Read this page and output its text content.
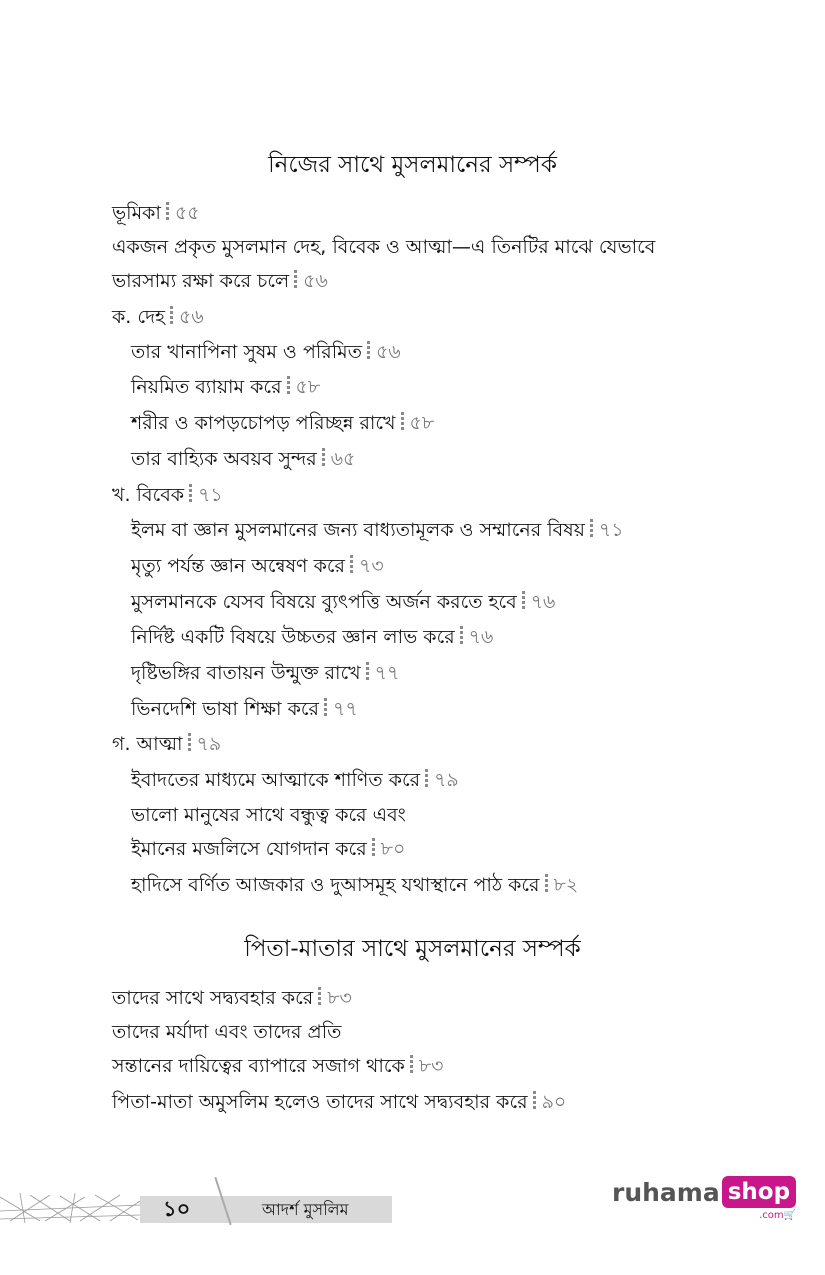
নিজের সাথে মুসলমানের সম্পর্ক
ভূমিকা ৫৫
একজন প্রকৃত মুসলমান দেহ, বিবেক ও আত্মা—এ তিনটির মাঝে যেভাবে
ভারসাম্য রক্ষা করে চলে ৫৬
ক. দেহ ৫৬
তার খানাপিনা সুষম ও পরিমিত ৫৬
নিয়মিত ব্যায়াম করে ৫৮
শরীর ও কাপড়চোপড় পরিচ্ছন্ন রাখে ৫৮
তার বাহ্যিক অবয়ব সুন্দর ৬৫
খ. বিবেক ৭১
ইলম বা জ্ঞান মুসলমানের জন্য বাধ্যতামূলক ও সম্মানের বিষয় ৭১
মৃত্যু পর্যন্ত জ্ঞান অন্বেষণ করে ৭৩
মুসলমানকে যেসব বিষয়ে ব্যুৎপত্তি অর্জন করতে হবে ৭৬
নির্দিষ্ট একটি বিষয়ে উচ্চতর জ্ঞান লাভ করে ৭৬
দৃষ্টিভঙ্গির বাতায়ন উন্মুক্ত রাখে ৭৭
ভিনদেশি ভাষা শিক্ষা করে ৭৭
গ. আত্মা ৭৯
ইবাদতের মাধ্যমে আত্মাকে শাণিত করে ৭৯
ভালো মানুষের সাথে বন্ধুত্ব করে এবং
ইমানের মজলিসে যোগদান করে ৮০
হাদিসে বর্ণিত আজকার ও দুআসমূহ যথাস্থানে পাঠ করে ৮২
পিতা-মাতার সাথে মুসলমানের সম্পর্ক
তাদের সাথে সদ্ব্যবহার করে ৮৩
তাদের মর্যাদা এবং তাদের প্রতি
সন্তানের দায়িত্বের ব্যাপারে সজাগ থাকে ৮৩
পিতা-মাতা অমুসলিম হলেও তাদের সাথে সদ্ব্যবহার করে ৯০
১০	আদর্শ মুসলিম
ruhama shop
.com🛒
